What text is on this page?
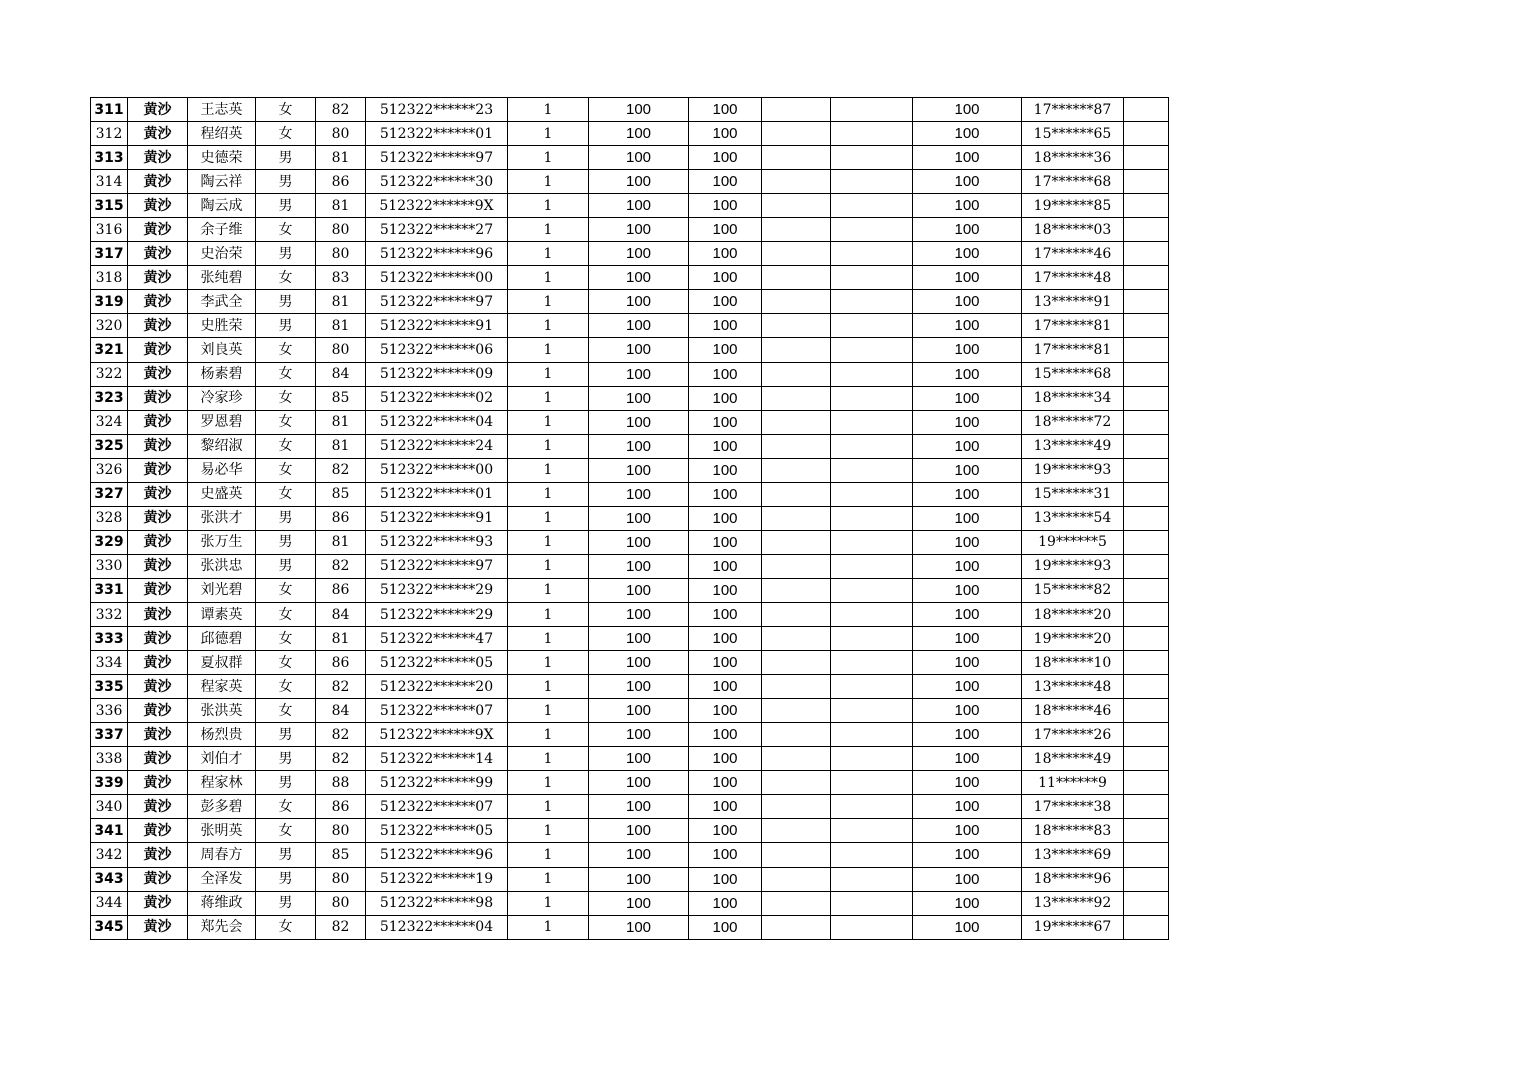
311	黄沙	王志英	女	82	512322******23	1	100	100			100	17******87	
312	黄沙	程绍英	女	80	512322******01	1	100	100			100	15******65	
313	黄沙	史德荣	男	81	512322******97	1	100	100			100	18******36	
314	黄沙	陶云祥	男	86	512322******30	1	100	100			100	17******68	
315	黄沙	陶云成	男	81	512322******9X	1	100	100			100	19******85	
316	黄沙	余子维	女	80	512322******27	1	100	100			100	18******03	
317	黄沙	史治荣	男	80	512322******96	1	100	100			100	17******46	
318	黄沙	张纯碧	女	83	512322******00	1	100	100			100	17******48	
319	黄沙	李武全	男	81	512322******97	1	100	100			100	13******91	
320	黄沙	史胜荣	男	81	512322******91	1	100	100			100	17******81	
321	黄沙	刘良英	女	80	512322******06	1	100	100			100	17******81	
322	黄沙	杨素碧	女	84	512322******09	1	100	100			100	15******68	
323	黄沙	冷家珍	女	85	512322******02	1	100	100			100	18******34	
324	黄沙	罗恩碧	女	81	512322******04	1	100	100			100	18******72	
325	黄沙	黎绍淑	女	81	512322******24	1	100	100			100	13******49	
326	黄沙	易必华	女	82	512322******00	1	100	100			100	19******93	
327	黄沙	史盛英	女	85	512322******01	1	100	100			100	15******31	
328	黄沙	张洪才	男	86	512322******91	1	100	100			100	13******54	
329	黄沙	张万生	男	81	512322******93	1	100	100			100	19******5	
330	黄沙	张洪忠	男	82	512322******97	1	100	100			100	19******93	
331	黄沙	刘光碧	女	86	512322******29	1	100	100			100	15******82	
332	黄沙	谭素英	女	84	512322******29	1	100	100			100	18******20	
333	黄沙	邱德碧	女	81	512322******47	1	100	100			100	19******20	
334	黄沙	夏叔群	女	86	512322******05	1	100	100			100	18******10	
335	黄沙	程家英	女	82	512322******20	1	100	100			100	13******48	
336	黄沙	张洪英	女	84	512322******07	1	100	100			100	18******46	
337	黄沙	杨烈贵	男	82	512322******9X	1	100	100			100	17******26	
338	黄沙	刘伯才	男	82	512322******14	1	100	100			100	18******49	
339	黄沙	程家林	男	88	512322******99	1	100	100			100	11******9	
340	黄沙	彭多碧	女	86	512322******07	1	100	100			100	17******38	
341	黄沙	张明英	女	80	512322******05	1	100	100			100	18******83	
342	黄沙	周春方	男	85	512322******96	1	100	100			100	13******69	
343	黄沙	全泽发	男	80	512322******19	1	100	100			100	18******96	
344	黄沙	蒋维政	男	80	512322******98	1	100	100			100	13******92	
345	黄沙	郑先会	女	82	512322******04	1	100	100			100	19******67	
